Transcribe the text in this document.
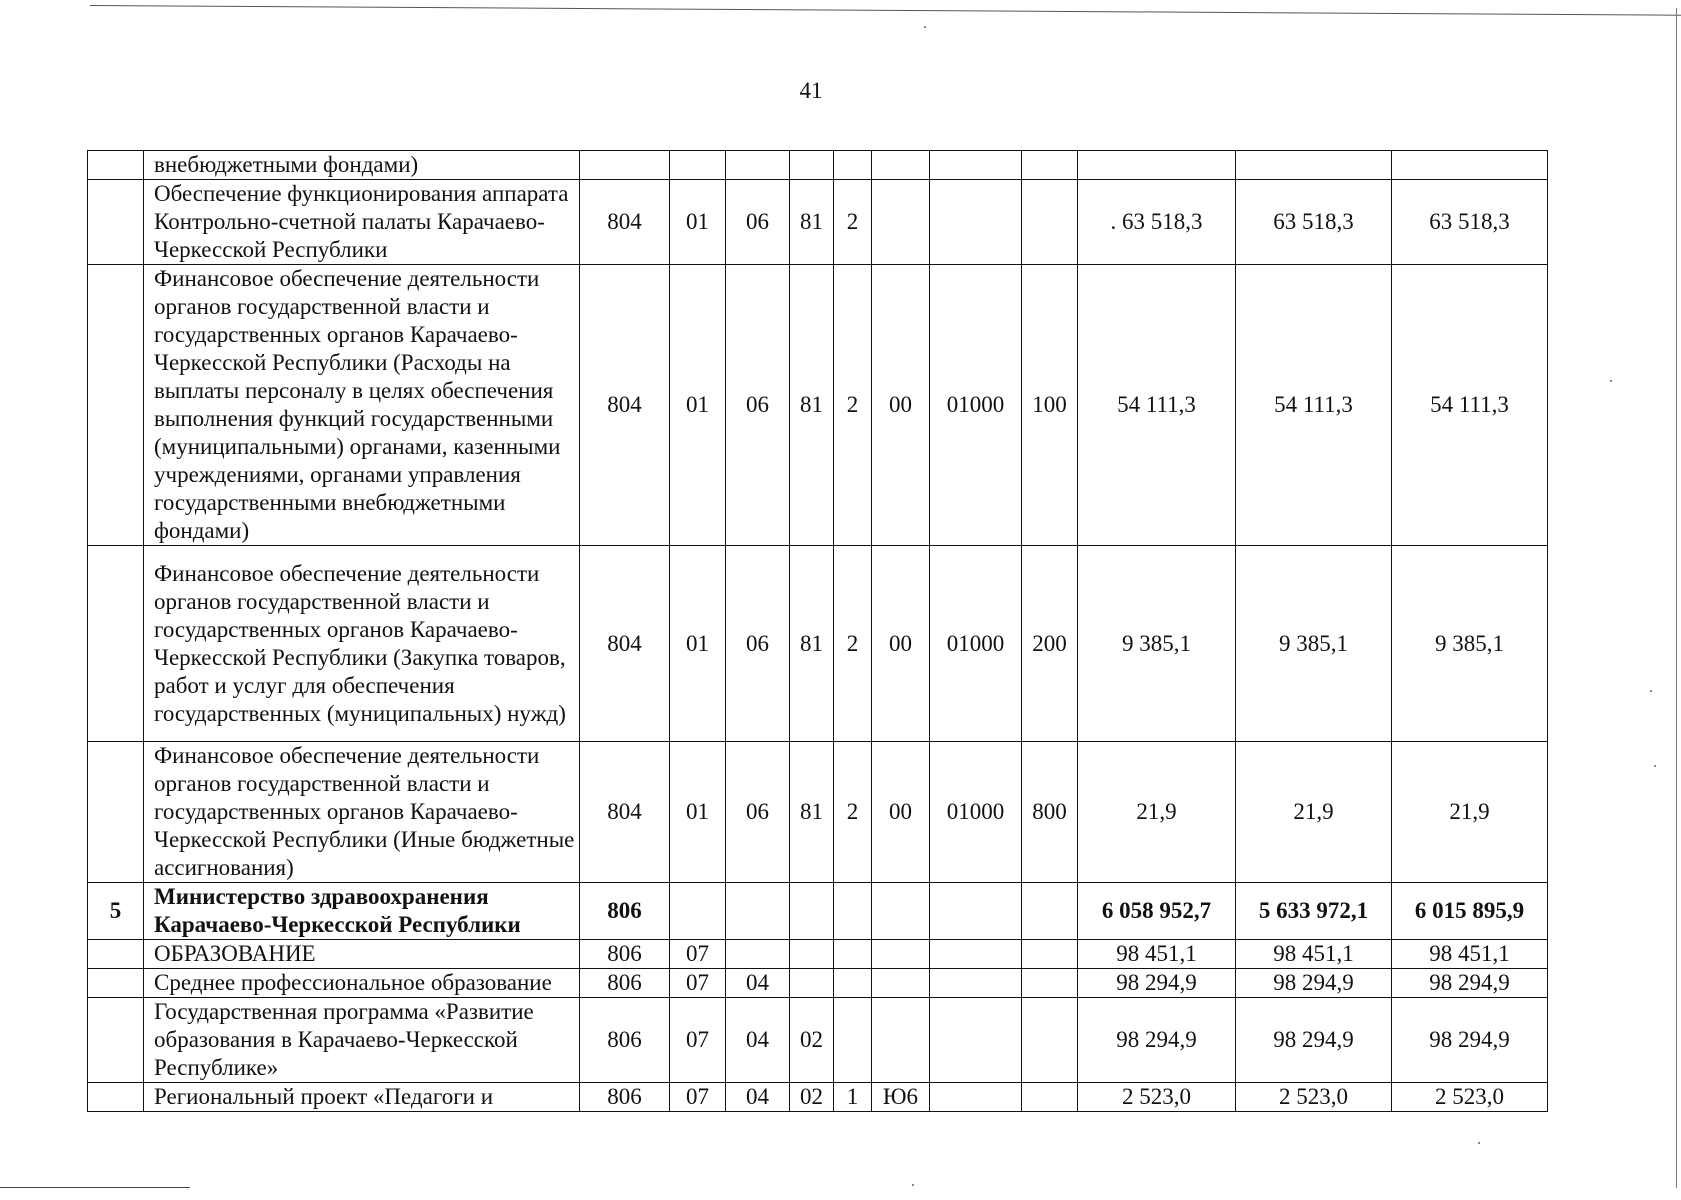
41
	внебюджетными фондами)											
	Обеспечение функционирования аппарата Контрольно-счетной палаты Карачаево-Черкесской Республики	804	01	06	81	2				. 63 518,3	63 518,3	63 518,3
	Финансовое обеспечение деятельности органов государственной власти и государственных органов Карачаево-Черкесской Республики (Расходы на выплаты персоналу в целях обеспечения выполнения функций государственными (муниципальными) органами, казенными учреждениями, органами управления государственными внебюджетными фондами)	804	01	06	81	2	00	01000	100	54 111,3	54 111,3	54 111,3
	Финансовое обеспечение деятельности органов государственной власти и государственных органов Карачаево-Черкесской Республики (Закупка товаров, работ и услуг для обеспечения государственных (муниципальных) нужд)	804	01	06	81	2	00	01000	200	9 385,1	9 385,1	9 385,1
	Финансовое обеспечение деятельности органов государственной власти и государственных органов Карачаево-Черкесской Республики (Иные бюджетные ассигнования)	804	01	06	81	2	00	01000	800	21,9	21,9	21,9
5	Министерство здравоохранения Карачаево-Черкесской Республики	806								6 058 952,7	5 633 972,1	6 015 895,9
	ОБРАЗОВАНИЕ	806	07							98 451,1	98 451,1	98 451,1
	Среднее профессиональное образование	806	07	04						98 294,9	98 294,9	98 294,9
	Государственная программа «Развитие образования в Карачаево-Черкесской Республике»	806	07	04	02					98 294,9	98 294,9	98 294,9
	Региональный проект «Педагоги и	806	07	04	02	1	Ю6			2 523,0	2 523,0	2 523,0
